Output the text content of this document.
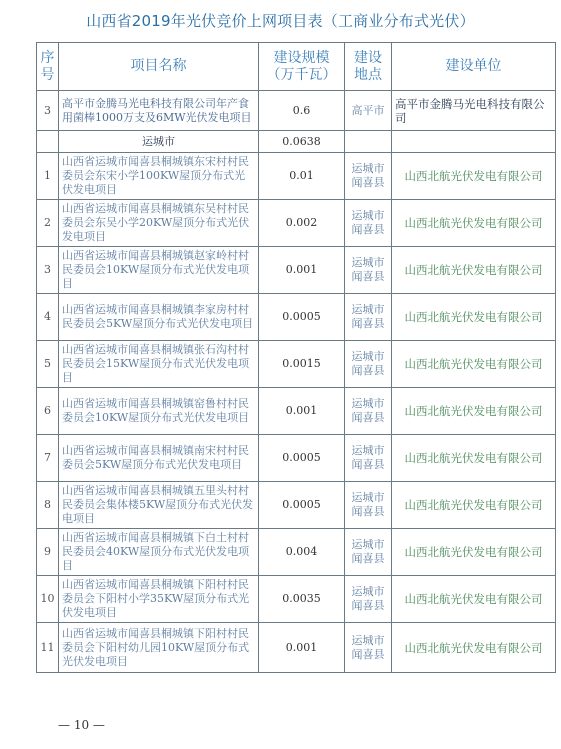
山西省2019年光伏竞价上网项目表（工商业分布式光伏）
序号	项目名称	建设规模（万千瓦）	建设地点	建设单位
3	高平市金腾马光电科技有限公司年产食用菌棒1000万支及6MW光伏发电项目	0.6	高平市	高平市金腾马光电科技有限公司
	运城市	0.0638		
1	山西省运城市闻喜县桐城镇东宋村村民委员会东宋小学100KW屋顶分布式光伏发电项目	0.01	运城市闻喜县	山西北航光伏发电有限公司
2	山西省运城市闻喜县桐城镇东吴村村民委员会东吴小学20KW屋顶分布式光伏发电项目	0.002	运城市闻喜县	山西北航光伏发电有限公司
3	山西省运城市闻喜县桐城镇赵家岭村村民委员会10KW屋顶分布式光伏发电项目	0.001	运城市闻喜县	山西北航光伏发电有限公司
4	山西省运城市闻喜县桐城镇李家房村村民委员会5KW屋顶分布式光伏发电项目	0.0005	运城市闻喜县	山西北航光伏发电有限公司
5	山西省运城市闻喜县桐城镇张石沟村村民委员会15KW屋顶分布式光伏发电项目	0.0015	运城市闻喜县	山西北航光伏发电有限公司
6	山西省运城市闻喜县桐城镇窑鲁村村民委员会10KW屋顶分布式光伏发电项目	0.001	运城市闻喜县	山西北航光伏发电有限公司
7	山西省运城市闻喜县桐城镇南宋村村民委员会5KW屋顶分布式光伏发电项目	0.0005	运城市闻喜县	山西北航光伏发电有限公司
8	山西省运城市闻喜县桐城镇五里头村村民委员会集体楼5KW屋顶分布式光伏发电项目	0.0005	运城市闻喜县	山西北航光伏发电有限公司
9	山西省运城市闻喜县桐城镇下白土村村民委员会40KW屋顶分布式光伏发电项目	0.004	运城市闻喜县	山西北航光伏发电有限公司
10	山西省运城市闻喜县桐城镇下阳村村民委员会下阳村小学35KW屋顶分布式光伏发电项目	0.0035	运城市闻喜县	山西北航光伏发电有限公司
11	山西省运城市闻喜县桐城镇下阳村村民委员会下阳村幼儿园10KW屋顶分布式光伏发电项目	0.001	运城市闻喜县	山西北航光伏发电有限公司
— 10 —
